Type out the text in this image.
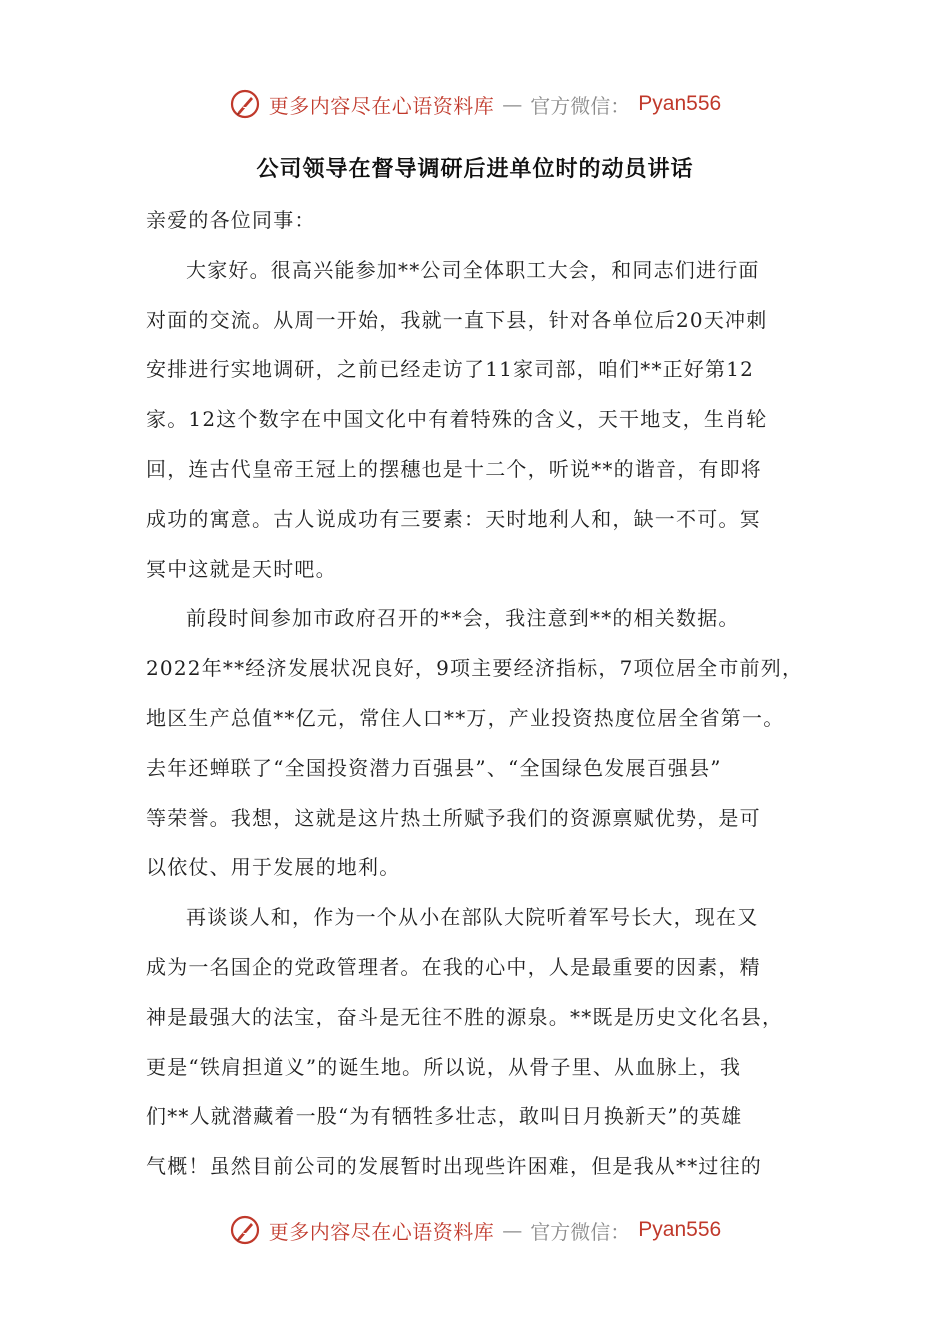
更多内容尽在心语资料库 — 官方微信： Pyan556
公司领导在督导调研后进单位时的动员讲话

亲爱的各位同事：

大家好。很高兴能参加**公司全体职工大会，和同志们进行面
对面的交流。从周一开始，我就一直下县，针对各单位后20天冲刺
安排进行实地调研，之前已经走访了11家司部，咱们**正好第12
家。12这个数字在中国文化中有着特殊的含义，天干地支，生肖轮
回，连古代皇帝王冠上的摆穗也是十二个，听说**的谐音，有即将
成功的寓意。古人说成功有三要素：天时地利人和，缺一不可。冥
冥中这就是天时吧。

前段时间参加市政府召开的**会，我注意到**的相关数据。
2022年**经济发展状况良好，9项主要经济指标，7项位居全市前列，
地区生产总值**亿元，常住人口**万，产业投资热度位居全省第一。
去年还蝉联了“全国投资潜力百强县”、“全国绿色发展百强县”
等荣誉。我想，这就是这片热土所赋予我们的资源禀赋优势，是可
以依仗、用于发展的地利。

再谈谈人和，作为一个从小在部队大院听着军号长大，现在又
成为一名国企的党政管理者。在我的心中，人是最重要的因素，精
神是最强大的法宝，奋斗是无往不胜的源泉。**既是历史文化名县，
更是“铁肩担道义”的诞生地。所以说，从骨子里、从血脉上，我
们**人就潜藏着一股“为有牺牲多壮志，敢叫日月换新天”的英雄
气概！虽然目前公司的发展暂时出现些许困难，但是我从**过往的

更多内容尽在心语资料库 — 官方微信： Pyan556
